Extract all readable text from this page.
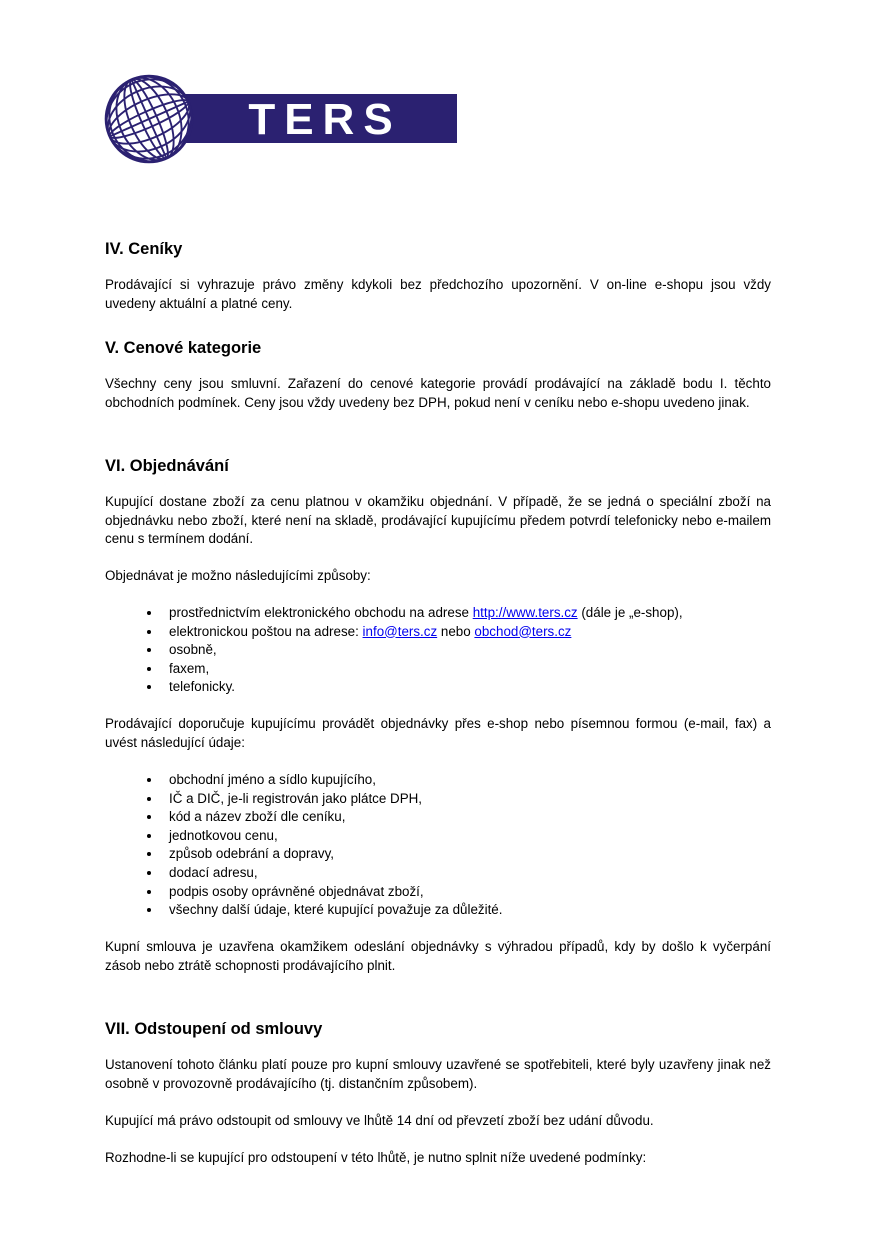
TERS
IV. Ceníky

Prodávající si vyhrazuje právo změny kdykoli bez předchozího upozornění. V on-line e-shopu jsou vždy uvedeny aktuální a platné ceny.

V. Cenové kategorie

Všechny ceny jsou smluvní. Zařazení do cenové kategorie provádí prodávající na základě bodu I. těchto obchodních podmínek. Ceny jsou vždy uvedeny bez DPH, pokud není v ceníku nebo e-shopu uvedeno jinak.

VI. Objednávání

Kupující dostane zboží za cenu platnou v okamžiku objednání. V případě, že se jedná o speciální zboží na objednávku nebo zboží, které není na skladě, prodávající kupujícímu předem potvrdí telefonicky nebo e-mailem cenu s termínem dodání.

Objednávat je možno následujícími způsoby:

• prostřednictvím elektronického obchodu na adrese http://www.ters.cz (dále je „e-shop),
• elektronickou poštou na adrese: info@ters.cz nebo obchod@ters.cz
• osobně,
• faxem,
• telefonicky.

Prodávající doporučuje kupujícímu provádět objednávky přes e-shop nebo písemnou formou (e-mail, fax) a uvést následující údaje:

• obchodní jméno a sídlo kupujícího,
• IČ a DIČ, je-li registrován jako plátce DPH,
• kód a název zboží dle ceníku,
• jednotkovou cenu,
• způsob odebrání a dopravy,
• dodací adresu,
• podpis osoby oprávněné objednávat zboží,
• všechny další údaje, které kupující považuje za důležité.

Kupní smlouva je uzavřena okamžikem odeslání objednávky s výhradou případů, kdy by došlo k vyčerpání zásob nebo ztrátě schopnosti prodávajícího plnit.

VII. Odstoupení od smlouvy

Ustanovení tohoto článku platí pouze pro kupní smlouvy uzavřené se spotřebiteli, které byly uzavřeny jinak než osobně v provozovně prodávajícího (tj. distančním způsobem).

Kupující má právo odstoupit od smlouvy ve lhůtě 14 dní od převzetí zboží bez udání důvodu.

Rozhodne-li se kupující pro odstoupení v této lhůtě, je nutno splnit níže uvedené podmínky:
